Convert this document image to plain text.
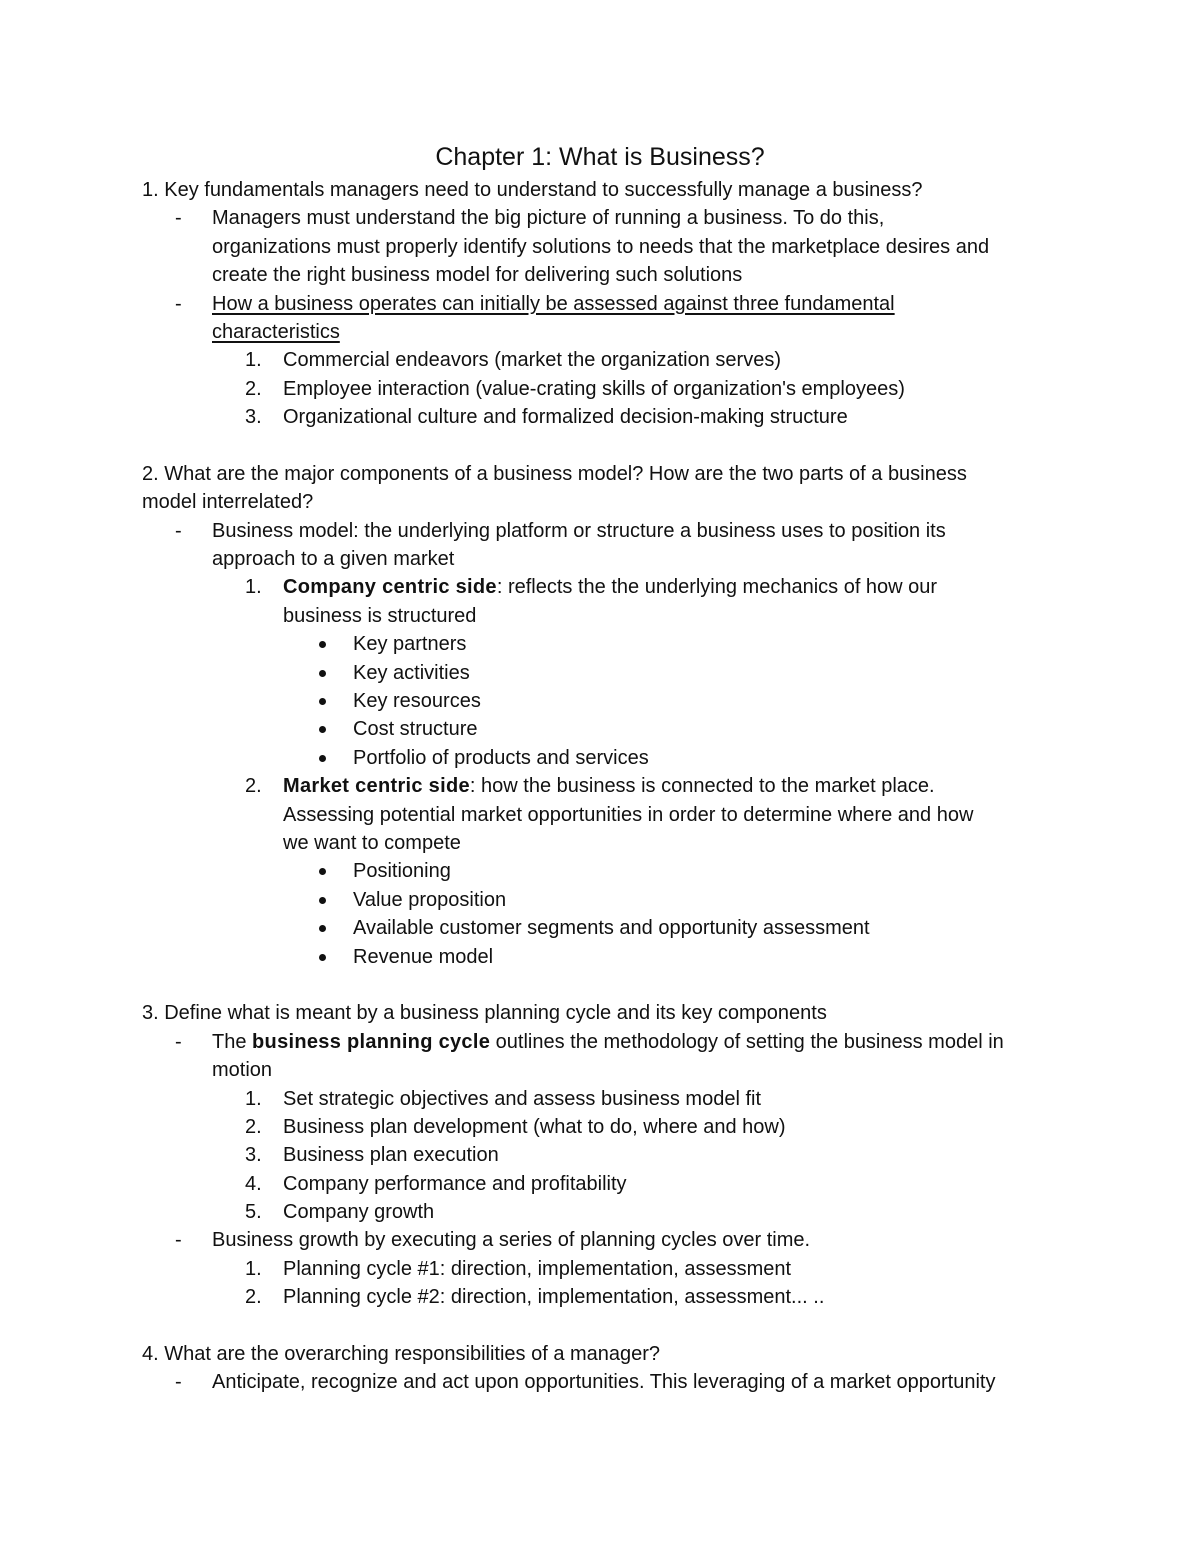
Chapter 1: What is Business?
1. Key fundamentals managers need to understand to successfully manage a business?
- Managers must understand the big picture of running a business. To do this,
organizations must properly identify solutions to needs that the marketplace desires and
create the right business model for delivering such solutions
- How a business operates can initially be assessed against three fundamental
characteristics
1. Commercial endeavors (market the organization serves)
2. Employee interaction (value-crating skills of organization's employees)
3. Organizational culture and formalized decision-making structure
2. What are the major components of a business model? How are the two parts of a business
model interrelated?
- Business model: the underlying platform or structure a business uses to position its
approach to a given market
1. Company centric side: reflects the the underlying mechanics of how our
business is structured
Key partners
Key activities
Key resources
Cost structure
Portfolio of products and services
2. Market centric side: how the business is connected to the market place.
Assessing potential market opportunities in order to determine where and how
we want to compete
Positioning
Value proposition
Available customer segments and opportunity assessment
Revenue model
3. Define what is meant by a business planning cycle and its key components
- The business planning cycle outlines the methodology of setting the business model in
motion
1. Set strategic objectives and assess business model fit
2. Business plan development (what to do, where and how)
3. Business plan execution
4. Company performance and profitability
5. Company growth
- Business growth by executing a series of planning cycles over time.
1. Planning cycle #1: direction, implementation, assessment
2. Planning cycle #2: direction, implementation, assessment... ..
4. What are the overarching responsibilities of a manager?
- Anticipate, recognize and act upon opportunities. This leveraging of a market opportunity
